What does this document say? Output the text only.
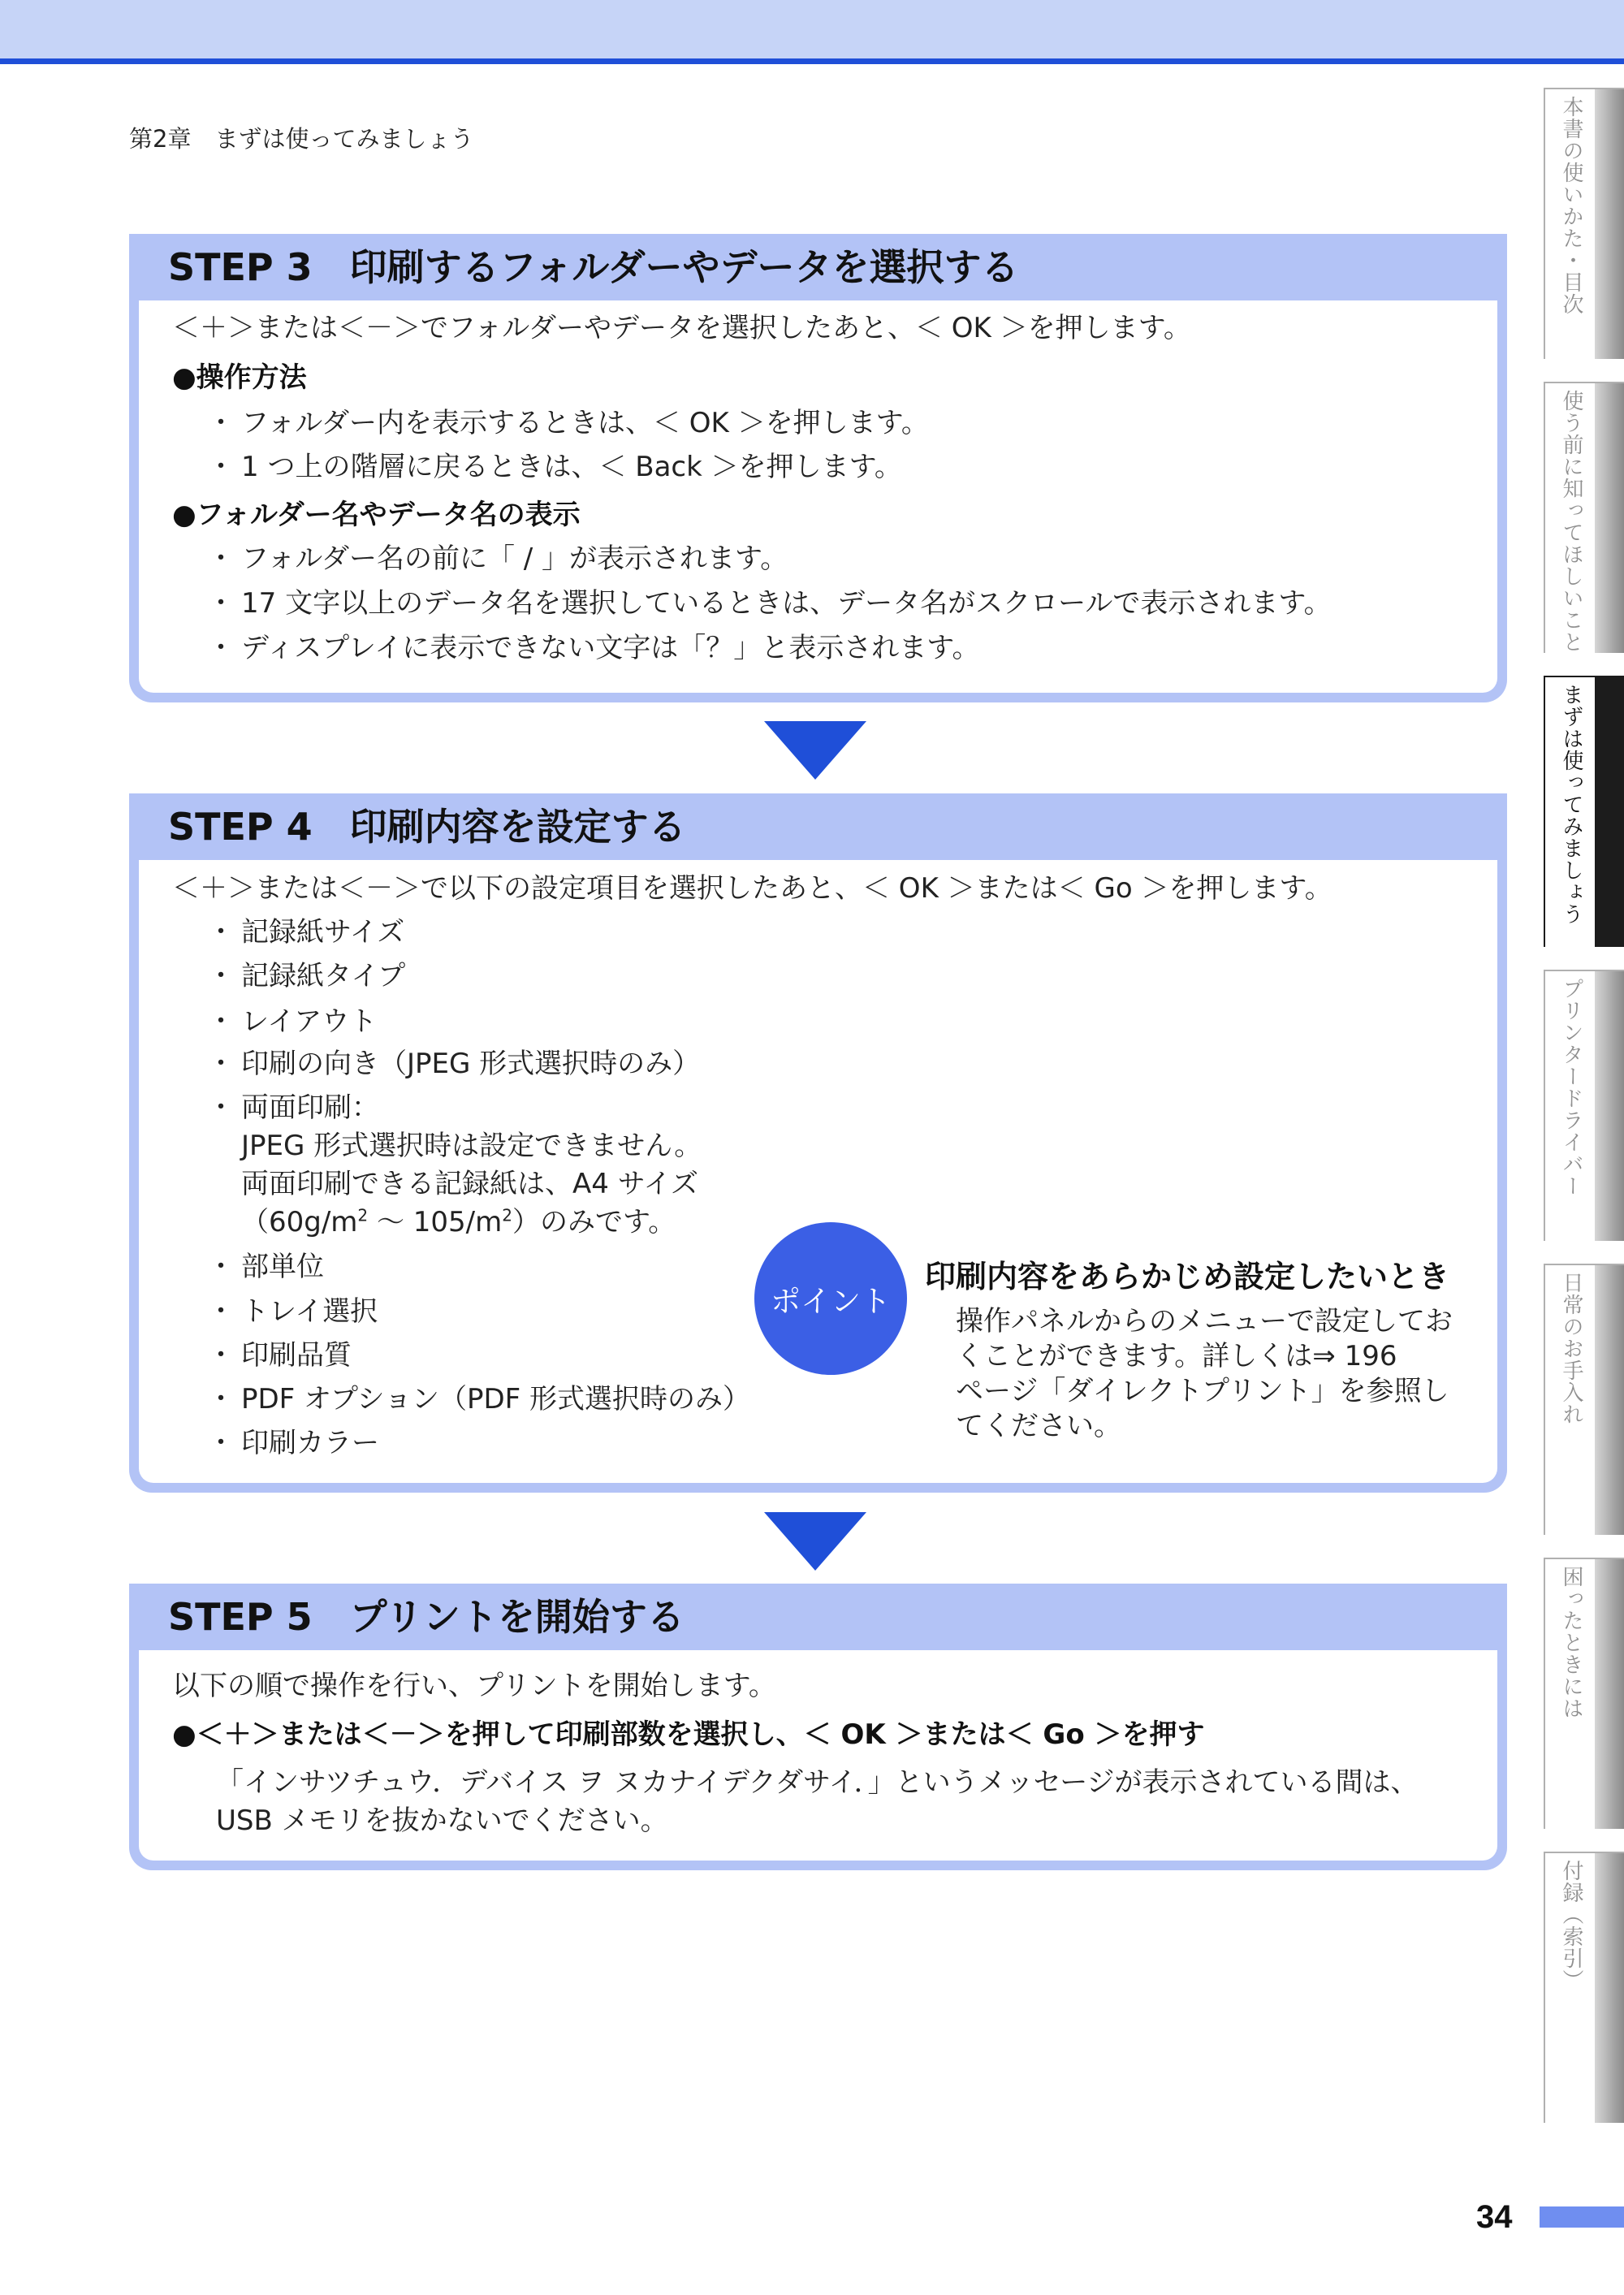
第2章　まずは使ってみましょう

STEP 3　印刷するフォルダーやデータを選択する

＜＋＞または＜－＞でフォルダーやデータを選択したあと、＜ OK ＞を押します。

●操作方法

・ フォルダー内を表示するときは、＜ OK ＞を押します。
・ 1 つ上の階層に戻るときは、＜ Back ＞を押します。

●フォルダー名やデータ名の表示

・ フォルダー名の前に「 / 」が表示されます。
・ 17 文字以上のデータ名を選択しているときは、データ名がスクロールで表示されます。
・ ディスプレイに表示できない文字は「？」と表示されます。
STEP 4　印刷内容を設定する

＜＋＞または＜－＞で以下の設定項目を選択したあと、＜ OK ＞または＜ Go ＞を押します。

・ 記録紙サイズ
・ 記録紙タイプ
・ レイアウト
・ 印刷の向き（JPEG 形式選択時のみ）
・ 両面印刷：

JPEG 形式選択時は設定できません。

両面印刷できる記録紙は、A4 サイズ

（$60g/m^2$ ～ $105/m^2$）のみです。

・ 部単位
・ トレイ選択
・ 印刷品質
・ PDF オプション（PDF 形式選択時のみ）
・ 印刷カラー
ポイント

印刷内容をあらかじめ設定したいとき

操作パネルからのメニューで設定してお

くことができます。詳しくは⇒ 196

ページ「ダイレクトプリント」を参照し

てください。

STEP 5　プリントを開始する

以下の順で操作を行い、プリントを開始します。

●＜＋＞または＜－＞を押して印刷部数を選択し、＜ OK ＞または＜ Go ＞を押す

「インサツチュウ．デバイス ヲ ヌカナイデクダサイ．」というメッセージが表示されている間は、

USB メモリを抜かないでください。

本書の使いかた・目次
使う前に知ってほしいこと
まずは使ってみましょう
プリンタードライバー
日常のお手入れ
困ったときには
付録（索引）

34
